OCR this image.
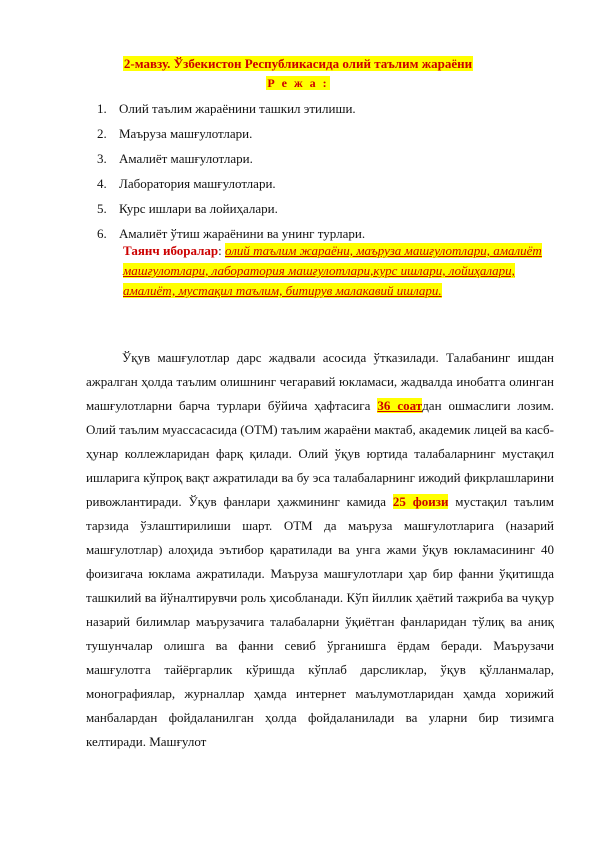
2-мавзу. Ўзбекистон Республикасида олий таълим жараёни
Р е ж а :
1. Олий таълим жараёнини ташкил этилиши.
2. Маъруза машғулотлари.
3. Амалиёт машғулотлари.
4. Лаборатория машғулотлари.
5. Курс ишлари ва лойиҳалари.
6. Амалиёт ўтиш жараёнини ва унинг турлари.
Таянч иборалар: олий таълим жараёни, маъруза машғулотлари, амалиёт машғулотлари, лаборатория машғулотлари,курс ишлари, лойиҳалари, амалиёт, мустақил таълим, битирув малакавий ишлари.

Ўқув машғулотлар дарс жадвали асосида ўтказилади. Талабанинг ишдан ажралган ҳолда таълим олишнинг чегаравий юкламаси, жадвалда инобатга олинган машғулотларни барча турлари бўйича ҳафтасига 36 соатдан ошмаслиги лозим. Олий таълим муассасасида (ОТМ) таълим жараёни мактаб, академик лицей ва касб-ҳунар коллежларидан фарқ қилади. Олий ўқув юртида талабаларнинг мустақил ишларига кўпроқ вақт ажратилади ва бу эса талабаларнинг ижодий фикрлашларини ривожлантиради. Ўқув фанлари ҳажмининг камида 25 фоизи мустақил таълим тарзида ўзлаштирилиши шарт. ОТМ да маъруза машғулотларига (назарий машғулотлар) алоҳида эътибор қаратилади ва унга жами ўқув юкламасининг 40 фоизигача юклама ажратилади. Маъруза машғулотлари ҳар бир фанни ўқитишда ташкилий ва йўналтирувчи роль ҳисобланади. Кўп йиллик ҳаётий тажриба ва чуқур назарий билимлар маърузачига талабаларни ўқиётган фанларидан тўлиқ ва аниқ тушунчалар олишга ва фанни севиб ўрганишга ёрдам беради. Маърузачи машғулотга тайёргарлик кўришда кўплаб дарсликлар, ўқув қўлланмалар, монографиялар, журналлар ҳамда интернет маълумотларидан ҳамда хорижий манбалардан фойдаланилган ҳолда фойдаланилади ва уларни бир тизимга келтиради. Машғулот
